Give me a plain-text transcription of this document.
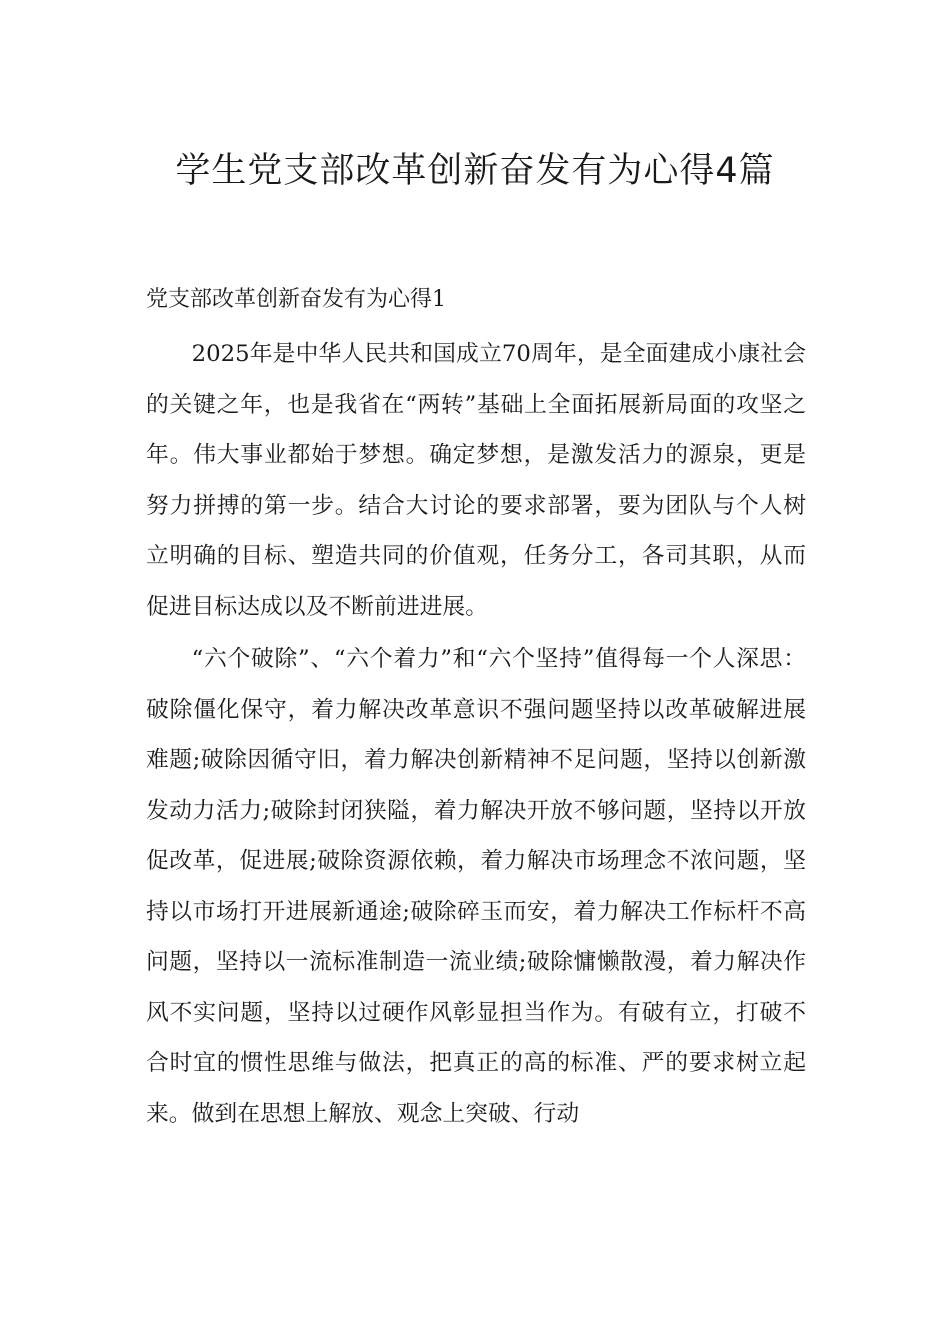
学生党支部改革创新奋发有为心得4篇
党支部改革创新奋发有为心得1

2025年是中华人民共和国成立70周年，是全面建成小康社会的关键之年，也是我省在“两转”基础上全面拓展新局面的攻坚之年。伟大事业都始于梦想。确定梦想，是激发活力的源泉，更是努力拼搏的第一步。结合大讨论的要求部署，要为团队与个人树立明确的目标、塑造共同的价值观，任务分工，各司其职，从而促进目标达成以及不断前进进展。

“六个破除”、“六个着力”和“六个坚持”值得每一个人深思：破除僵化保守，着力解决改革意识不强问题坚持以改革破解进展难题;破除因循守旧，着力解决创新精神不足问题，坚持以创新激发动力活力;破除封闭狭隘，着力解决开放不够问题，坚持以开放促改革，促进展;破除资源依赖，着力解决市场理念不浓问题，坚持以市场打开进展新通途;破除碎玉而安，着力解决工作标杆不高问题，坚持以一流标准制造一流业绩;破除慵懒散漫，着力解决作风不实问题，坚持以过硬作风彰显担当作为。有破有立，打破不合时宜的惯性思维与做法，把真正的高的标准、严的要求树立起来。做到在思想上解放、观念上突破、行动
